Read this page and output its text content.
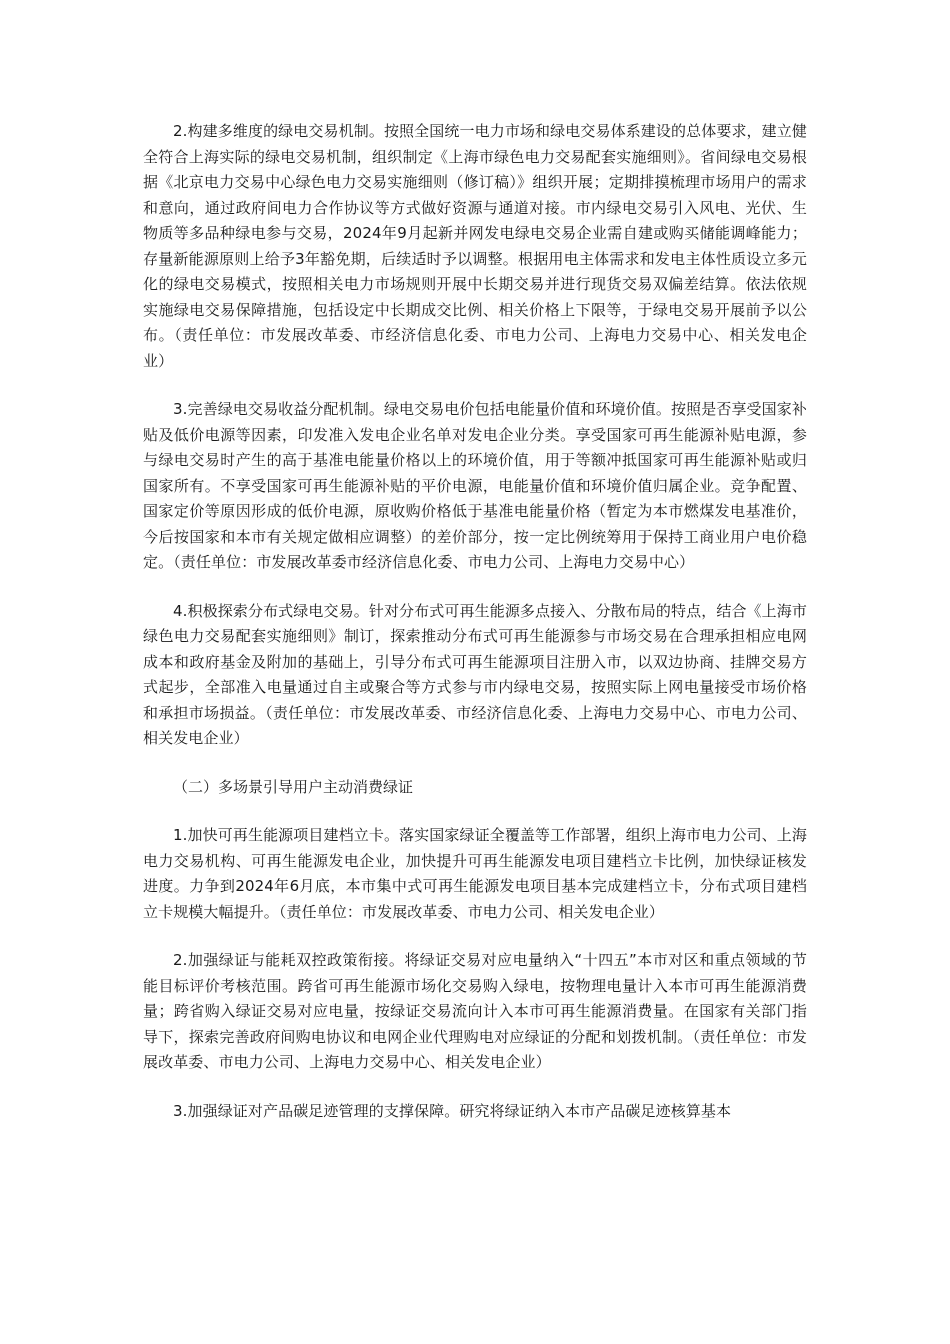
2.构建多维度的绿电交易机制。按照全国统一电力市场和绿电交易体系建设的总体要求，建立健全符合上海实际的绿电交易机制，组织制定《上海市绿色电力交易配套实施细则》。省间绿电交易根据《北京电力交易中心绿色电力交易实施细则（修订稿）》组织开展；定期排摸梳理市场用户的需求和意向，通过政府间电力合作协议等方式做好资源与通道对接。市内绿电交易引入风电、光伏、生物质等多品种绿电参与交易，2024年9月起新并网发电绿电交易企业需自建或购买储能调峰能力；存量新能源原则上给予3年豁免期，后续适时予以调整。根据用电主体需求和发电主体性质设立多元化的绿电交易模式，按照相关电力市场规则开展中长期交易并进行现货交易双偏差结算。依法依规实施绿电交易保障措施，包括设定中长期成交比例、相关价格上下限等，于绿电交易开展前予以公布。（责任单位：市发展改革委、市经济信息化委、市电力公司、上海电力交易中心、相关发电企业）

3.完善绿电交易收益分配机制。绿电交易电价包括电能量价值和环境价值。按照是否享受国家补贴及低价电源等因素，印发准入发电企业名单对发电企业分类。享受国家可再生能源补贴电源，参与绿电交易时产生的高于基准电能量价格以上的环境价值，用于等额冲抵国家可再生能源补贴或归国家所有。不享受国家可再生能源补贴的平价电源，电能量价值和环境价值归属企业。竞争配置、国家定价等原因形成的低价电源，原收购价格低于基准电能量价格（暂定为本市燃煤发电基准价，今后按国家和本市有关规定做相应调整）的差价部分，按一定比例统筹用于保持工商业用户电价稳定。（责任单位：市发展改革委市经济信息化委、市电力公司、上海电力交易中心）

4.积极探索分布式绿电交易。针对分布式可再生能源多点接入、分散布局的特点，结合《上海市绿色电力交易配套实施细则》制订，探索推动分布式可再生能源参与市场交易在合理承担相应电网成本和政府基金及附加的基础上，引导分布式可再生能源项目注册入市，以双边协商、挂牌交易方式起步，全部准入电量通过自主或聚合等方式参与市内绿电交易，按照实际上网电量接受市场价格和承担市场损益。（责任单位：市发展改革委、市经济信息化委、上海电力交易中心、市电力公司、相关发电企业）

（二）多场景引导用户主动消费绿证

1.加快可再生能源项目建档立卡。落实国家绿证全覆盖等工作部署，组织上海市电力公司、上海电力交易机构、可再生能源发电企业，加快提升可再生能源发电项目建档立卡比例，加快绿证核发进度。力争到2024年6月底，本市集中式可再生能源发电项目基本完成建档立卡，分布式项目建档立卡规模大幅提升。（责任单位：市发展改革委、市电力公司、相关发电企业）

2.加强绿证与能耗双控政策衔接。将绿证交易对应电量纳入“十四五”本市对区和重点领域的节能目标评价考核范围。跨省可再生能源市场化交易购入绿电，按物理电量计入本市可再生能源消费量；跨省购入绿证交易对应电量，按绿证交易流向计入本市可再生能源消费量。在国家有关部门指导下，探索完善政府间购电协议和电网企业代理购电对应绿证的分配和划拨机制。（责任单位：市发展改革委、市电力公司、上海电力交易中心、相关发电企业）

3.加强绿证对产品碳足迹管理的支撑保障。研究将绿证纳入本市产品碳足迹核算基本
